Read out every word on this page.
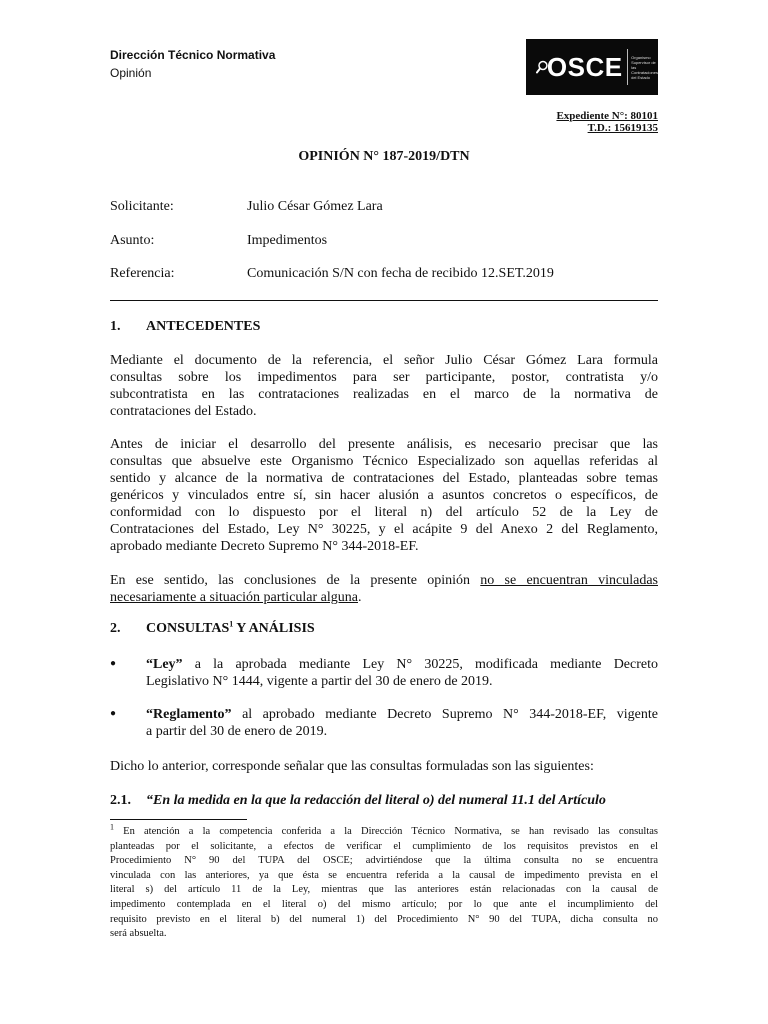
Dirección Técnico Normativa
Opinión	OSCE Organismo
Supervisor de las
Contrataciones
del Estado
Expediente N°: 80101
T.D.: 15619135
OPINIÓN N° 187-2019/DTN
Solicitante:	Julio César Gómez Lara
Asunto:	Impedimentos
Referencia:	Comunicación S/N con fecha de recibido 12.SET.2019
1. ANTECEDENTES
Mediante el documento de la referencia, el señor Julio César Gómez Lara formula
consultas sobre los impedimentos para ser participante, postor, contratista y/o
subcontratista en las contrataciones realizadas en el marco de la normativa de
contrataciones del Estado.
Antes de iniciar el desarrollo del presente análisis, es necesario precisar que las
consultas que absuelve este Organismo Técnico Especializado son aquellas referidas al
sentido y alcance de la normativa de contrataciones del Estado, planteadas sobre temas
genéricos y vinculados entre sí, sin hacer alusión a asuntos concretos o específicos, de
conformidad con lo dispuesto por el literal n) del artículo 52 de la Ley de
Contrataciones del Estado, Ley N° 30225, y el acápite 9 del Anexo 2 del Reglamento,
aprobado mediante Decreto Supremo N° 344-2018-EF.
En ese sentido, las conclusiones de la presente opinión no se encuentran vinculadas
necesariamente a situación particular alguna.
2. CONSULTAS$^1$ Y ANÁLISIS
● “Ley” a la aprobada mediante Ley N° 30225, modificada mediante Decreto
Legislativo N° 1444, vigente a partir del 30 de enero de 2019.
● “Reglamento” al aprobado mediante Decreto Supremo N° 344-2018-EF, vigente
a partir del 30 de enero de 2019.
Dicho lo anterior, corresponde señalar que las consultas formuladas son las siguientes:
2.1. “En la medida en la que la redacción del literal o) del numeral 11.1 del Artículo
$^1$ En atención a la competencia conferida a la Dirección Técnico Normativa, se han revisado las consultas
planteadas por el solicitante, a efectos de verificar el cumplimiento de los requisitos previstos en el
Procedimiento N° 90 del TUPA del OSCE; advirtiéndose que la última consulta no se encuentra
vinculada con las anteriores, ya que ésta se encuentra referida a la causal de impedimento prevista en el
literal s) del artículo 11 de la Ley, mientras que las anteriores están relacionadas con la causal de
impedimento contemplada en el literal o) del mismo artículo; por lo que ante el incumplimiento del
requisito previsto en el literal b) del numeral 1) del Procedimiento N° 90 del TUPA, dicha consulta no
será absuelta.
